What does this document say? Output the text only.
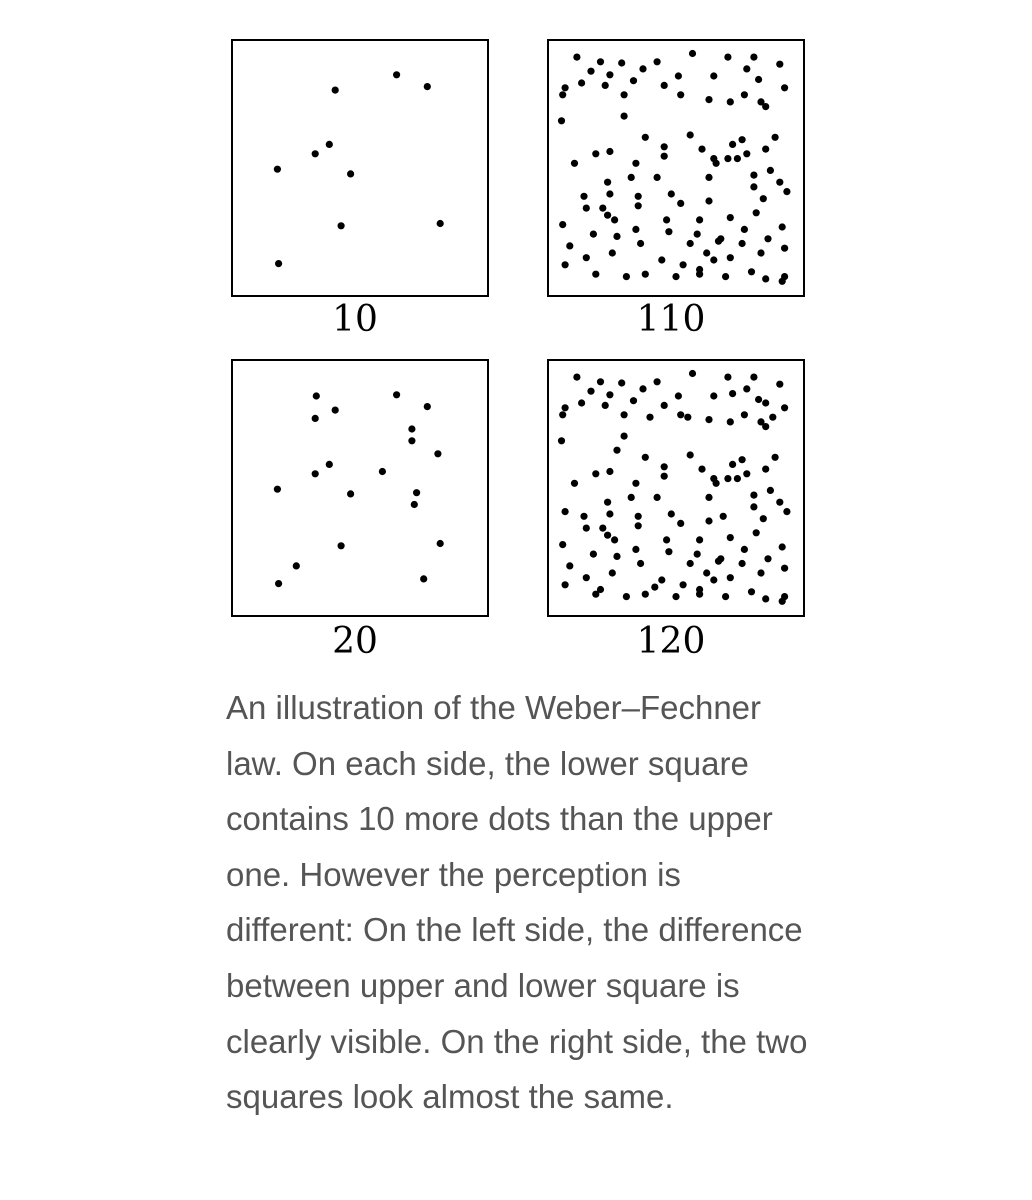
10	110
20	120

An illustration of the Weber–Fechner law. On each side, the lower square contains 10 more dots than the upper one. However the perception is different: On the left side, the difference between upper and lower square is clearly visible. On the right side, the two squares look almost the same.
